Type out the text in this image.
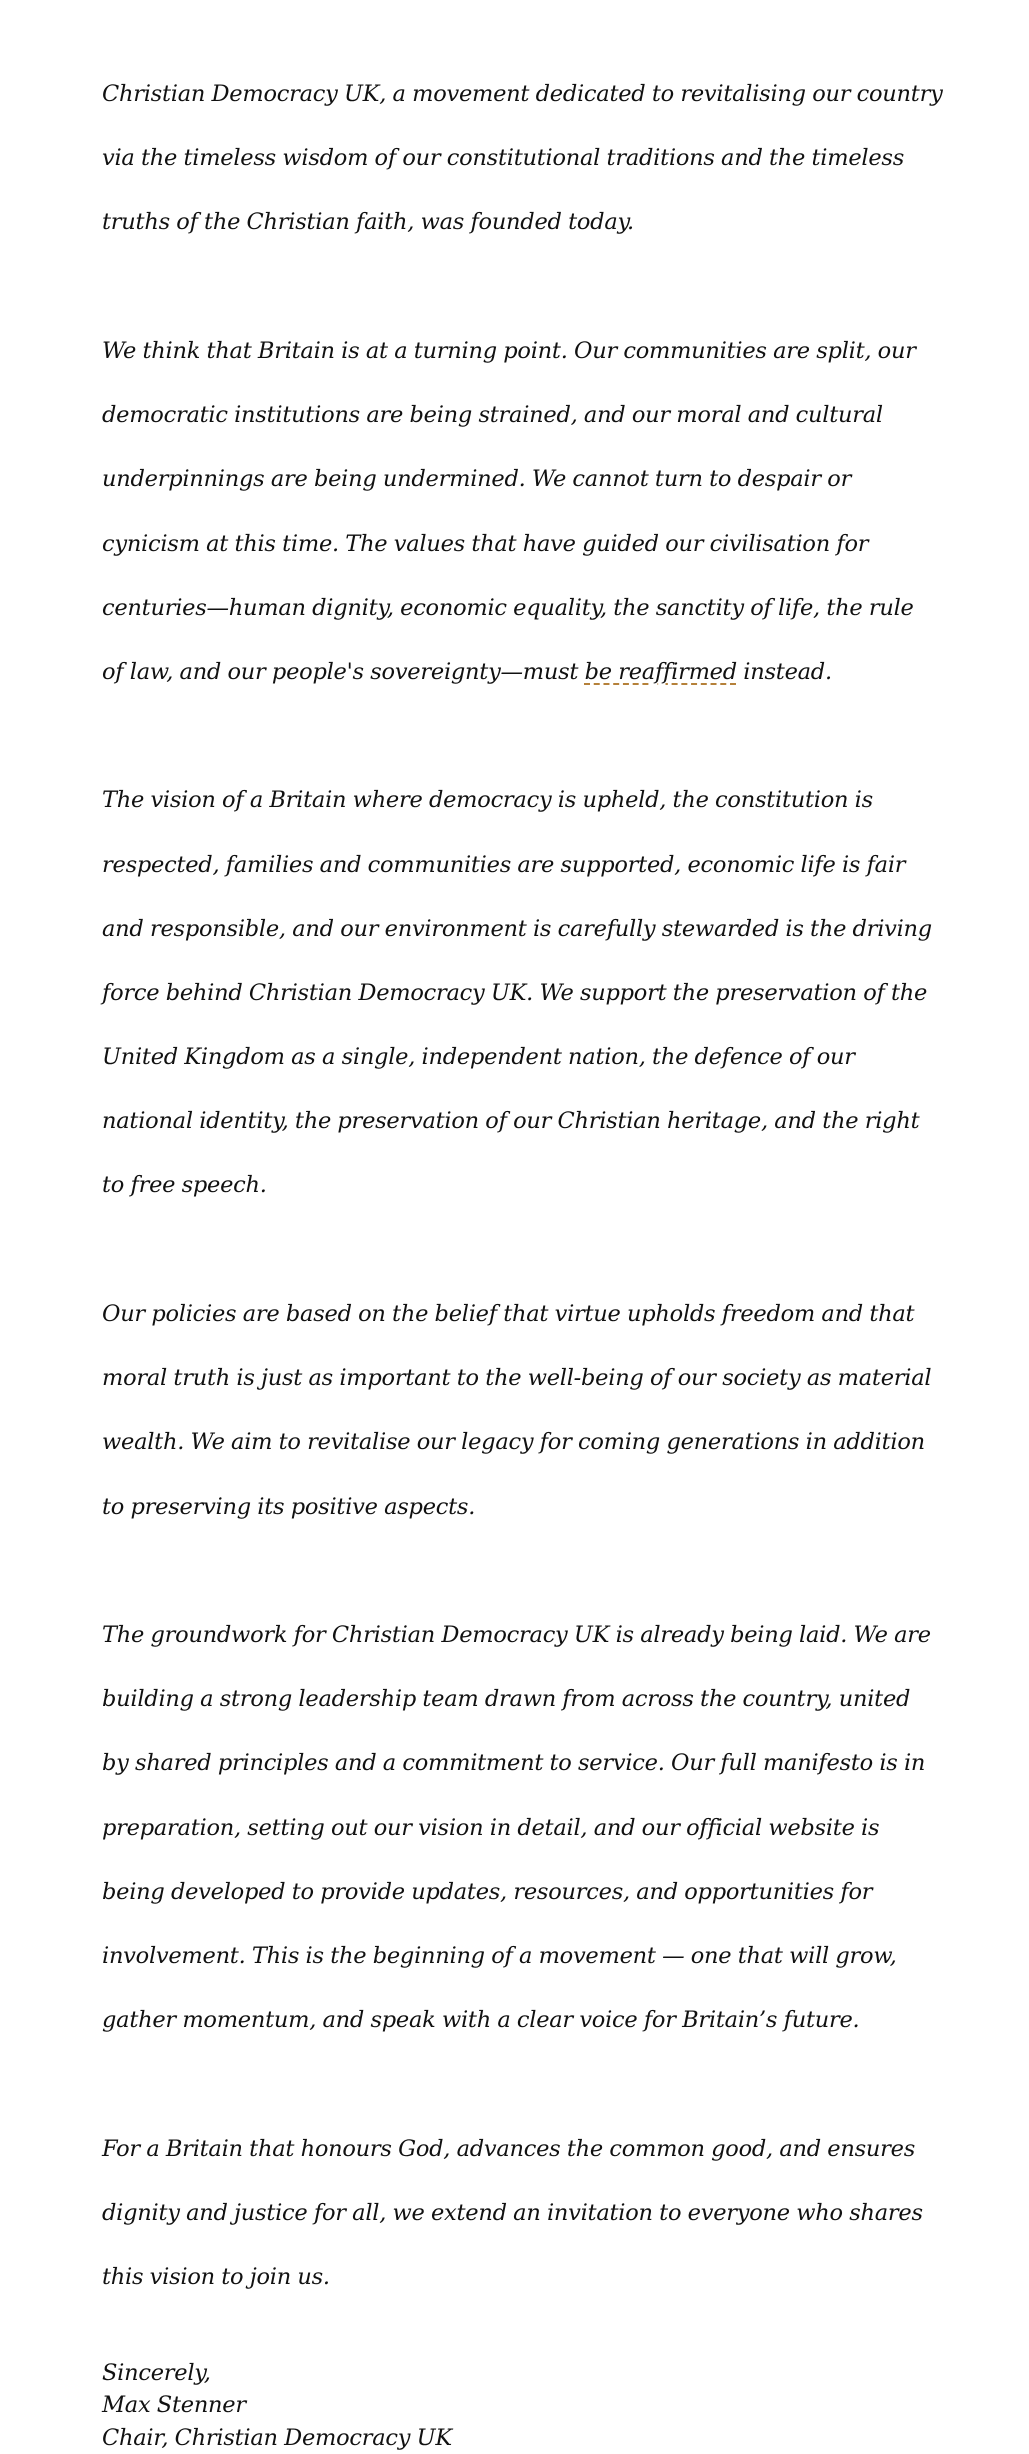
Christian Democracy UK, a movement dedicated to revitalising our country

via the timeless wisdom of our constitutional traditions and the timeless

truths of the Christian faith, was founded today.

We think that Britain is at a turning point. Our communities are split, our

democratic institutions are being strained, and our moral and cultural

underpinnings are being undermined. We cannot turn to despair or

cynicism at this time. The values that have guided our civilisation for

centuries—human dignity, economic equality, the sanctity of life, the rule

of law, and our people's sovereignty—must be reaffirmed instead.

The vision of a Britain where democracy is upheld, the constitution is

respected, families and communities are supported, economic life is fair

and responsible, and our environment is carefully stewarded is the driving

force behind Christian Democracy UK. We support the preservation of the

United Kingdom as a single, independent nation, the defence of our

national identity, the preservation of our Christian heritage, and the right

to free speech.

Our policies are based on the belief that virtue upholds freedom and that

moral truth is just as important to the well-being of our society as material

wealth. We aim to revitalise our legacy for coming generations in addition

to preserving its positive aspects.

The groundwork for Christian Democracy UK is already being laid. We are

building a strong leadership team drawn from across the country, united

by shared principles and a commitment to service. Our full manifesto is in

preparation, setting out our vision in detail, and our official website is

being developed to provide updates, resources, and opportunities for

involvement. This is the beginning of a movement — one that will grow,

gather momentum, and speak with a clear voice for Britain’s future.

For a Britain that honours God, advances the common good, and ensures

dignity and justice for all, we extend an invitation to everyone who shares

this vision to join us.

Sincerely,
Max Stenner
Chair, Christian Democracy UK
